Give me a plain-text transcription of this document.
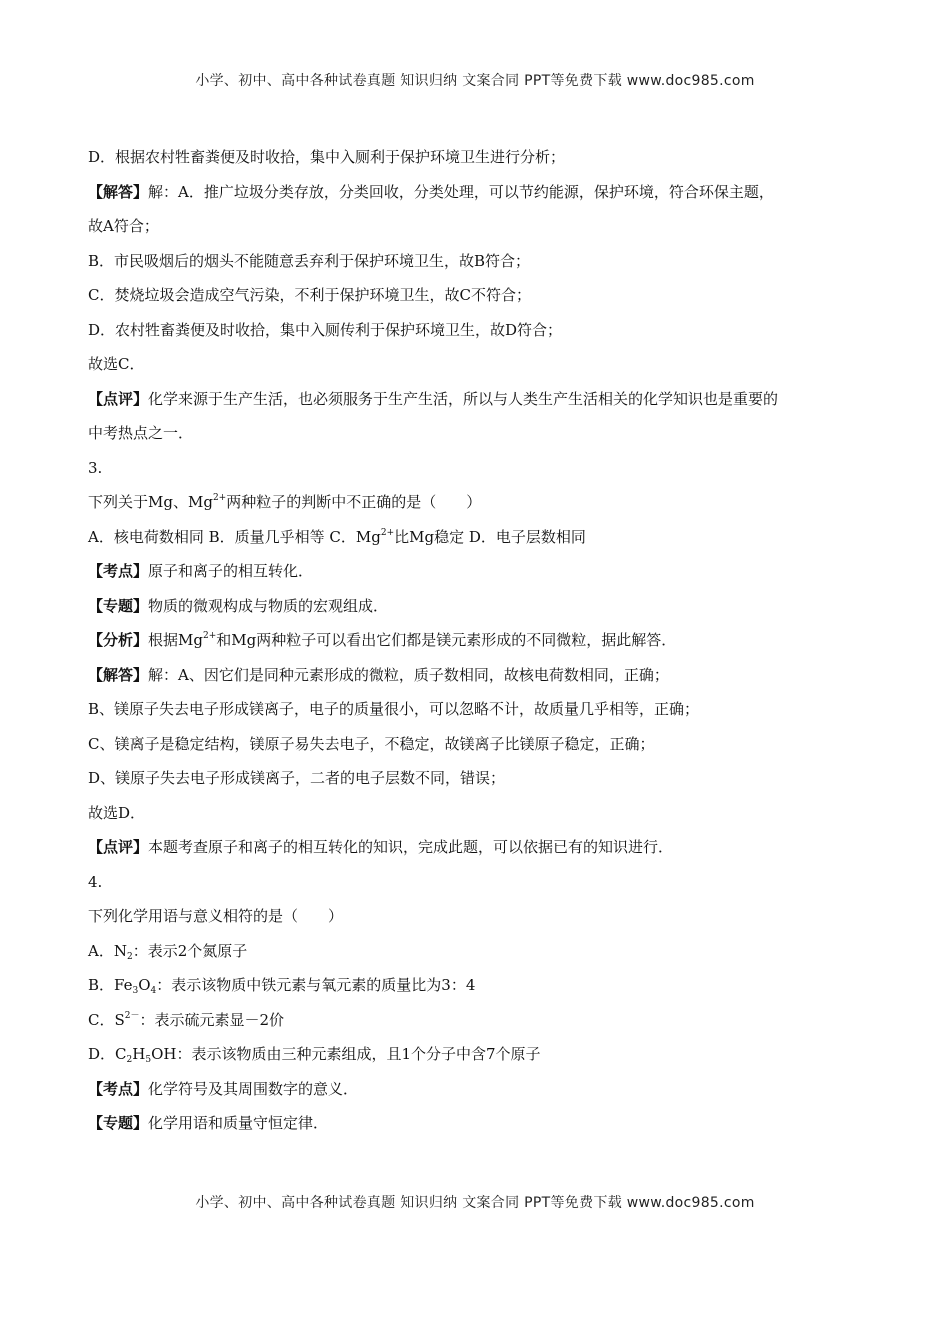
小学、初中、高中各种试卷真题 知识归纳 文案合同 PPT等免费下载 www.doc985.com
D．根据农村牲畜粪便及时收拾，集中入厕利于保护环境卫生进行分析；
【解答】解：A．推广垃圾分类存放，分类回收，分类处理，可以节约能源，保护环境，符合环保主题，
故A符合；
B．市民吸烟后的烟头不能随意丢弃利于保护环境卫生，故B符合；
C．焚烧垃圾会造成空气污染，不利于保护环境卫生，故C不符合；
D．农村牲畜粪便及时收拾，集中入厕传利于保护环境卫生，故D符合；
故选C．
【点评】化学来源于生产生活，也必须服务于生产生活，所以与人类生产生活相关的化学知识也是重要的
中考热点之一．
3.
下列关于Mg、$Mg^{2+}$两种粒子的判断中不正确的是（　　）
A．核电荷数相同 B．质量几乎相等 C．$Mg^{2+}$比Mg稳定 D．电子层数相同
【考点】原子和离子的相互转化．
【专题】物质的微观构成与物质的宏观组成．
【分析】根据$Mg^{2+}$和Mg两种粒子可以看出它们都是镁元素形成的不同微粒，据此解答．
【解答】解：A、因它们是同种元素形成的微粒，质子数相同，故核电荷数相同，正确；
B、镁原子失去电子形成镁离子，电子的质量很小，可以忽略不计，故质量几乎相等，正确；
C、镁离子是稳定结构，镁原子易失去电子，不稳定，故镁离子比镁原子稳定，正确；
D、镁原子失去电子形成镁离子，二者的电子层数不同，错误；
故选D．
【点评】本题考查原子和离子的相互转化的知识，完成此题，可以依据已有的知识进行．
4.
下列化学用语与意义相符的是（　　）
A．$N_2$：表示2个氮原子
B．$Fe_3O_4$：表示该物质中铁元素与氧元素的质量比为3：4
C．$S^{2-}$：表示硫元素显－2价
D．$C_2H_5OH$：表示该物质由三种元素组成，且1个分子中含7个原子
【考点】化学符号及其周围数字的意义．
【专题】化学用语和质量守恒定律．
小学、初中、高中各种试卷真题 知识归纳 文案合同 PPT等免费下载 www.doc985.com
